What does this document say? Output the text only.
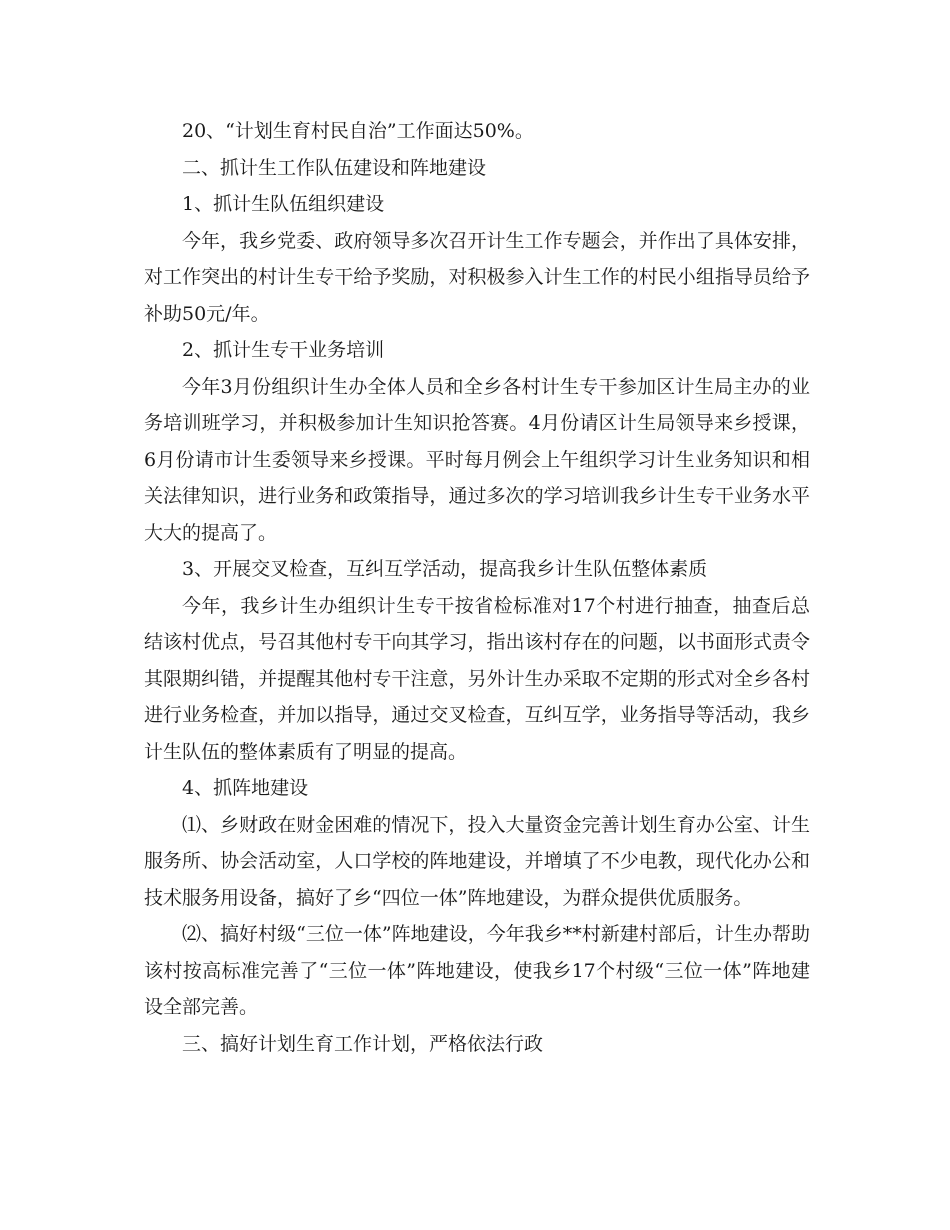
20、“计划生育村民自治”工作面达50%。

二、抓计生工作队伍建设和阵地建设

1、抓计生队伍组织建设

今年，我乡党委、政府领导多次召开计生工作专题会，并作出了具体安排，对工作突出的村计生专干给予奖励，对积极参入计生工作的村民小组指导员给予补助50元/年。

2、抓计生专干业务培训

今年3月份组织计生办全体人员和全乡各村计生专干参加区计生局主办的业务培训班学习，并积极参加计生知识抢答赛。4月份请区计生局领导来乡授课，6月份请市计生委领导来乡授课。平时每月例会上午组织学习计生业务知识和相关法律知识，进行业务和政策指导，通过多次的学习培训我乡计生专干业务水平大大的提高了。

3、开展交叉检查，互纠互学活动，提高我乡计生队伍整体素质

今年，我乡计生办组织计生专干按省检标准对17个村进行抽查，抽查后总结该村优点，号召其他村专干向其学习，指出该村存在的问题，以书面形式责令其限期纠错，并提醒其他村专干注意，另外计生办采取不定期的形式对全乡各村进行业务检查，并加以指导，通过交叉检查，互纠互学，业务指导等活动，我乡计生队伍的整体素质有了明显的提高。

4、抓阵地建设

⑴、乡财政在财金困难的情况下，投入大量资金完善计划生育办公室、计生服务所、协会活动室，人口学校的阵地建设，并增填了不少电教，现代化办公和技术服务用设备，搞好了乡“四位一体”阵地建设，为群众提供优质服务。

⑵、搞好村级“三位一体”阵地建设，今年我乡**村新建村部后，计生办帮助该村按高标准完善了“三位一体”阵地建设，使我乡17个村级“三位一体”阵地建设全部完善。

三、搞好计划生育工作计划，严格依法行政
